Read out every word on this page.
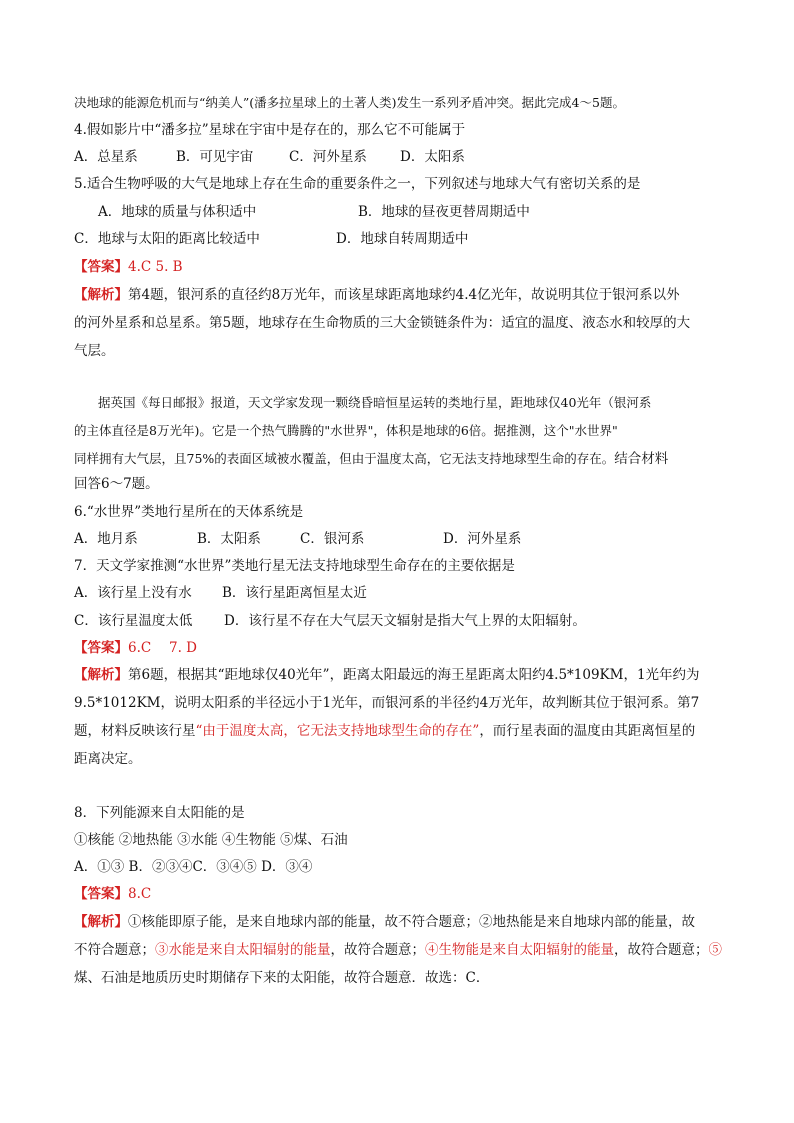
决地球的能源危机而与“纳美人”(潘多拉星球上的土著人类)发生一系列矛盾冲突。据此完成4～5题。
4.假如影片中“潘多拉”星球在宇宙中是存在的，那么它不可能属于
A．总星系	B．可见宇宙	C．河外星系 D．太阳系
5.适合生物呼吸的大气是地球上存在生命的重要条件之一，下列叙述与地球大气有密切关系的是
A．地球的质量与体积适中	B．地球的昼夜更替周期适中
C．地球与太阳的距离比较适中	D．地球自转周期适中
【答案】4.C 5. B
【解析】第4题，银河系的直径约8万光年，而该星球距离地球约4.4亿光年，故说明其位于银河系以外
的河外星系和总星系。第5题，地球存在生命物质的三大金锁链条件为：适宜的温度、液态水和较厚的大
气层。
据英国《每日邮报》报道，天文学家发现一颗绕昏暗恒星运转的类地行星，距地球仅40光年（银河系
的主体直径是8万光年)。它是一个热气腾腾的"水世界"，体积是地球的6倍。据推测，这个"水世界"
同样拥有大气层，且75%的表面区域被水覆盖，但由于温度太高，它无法支持地球型生命的存在。结合材料
回答6～7题。
6.“水世界”类地行星所在的天体系统是
A．地月系	B．太阳系	C．银河系	D．河外星系
7．天文学家推测“水世界”类地行星无法支持地球型生命存在的主要依据是
A．该行星上没有水 B．该行星距离恒星太近
C．该行星温度太低 D．该行星不存在大气层天文辐射是指大气上界的太阳辐射。
【答案】6.C　 7. D
【解析】第6题，根据其“距地球仅40光年”，距离太阳最远的海王星距离太阳约4.5*109KM，1光年约为
9.5*1012KM，说明太阳系的半径远小于1光年，而银河系的半径约4万光年，故判断其位于银河系。第7
题，材料反映该行星“由于温度太高，它无法支持地球型生命的存在”，而行星表面的温度由其距离恒星的
距离决定。
8．下列能源来自太阳能的是
①核能 ②地热能 ③水能 ④生物能 ⑤煤、石油
A．①③ B．②③④C．③④⑤ D．③④
【答案】8.C
【解析】①核能即原子能，是来自地球内部的能量，故不符合题意；②地热能是来自地球内部的能量，故
不符合题意；③水能是来自太阳辐射的能量，故符合题意；④生物能是来自太阳辐射的能量，故符合题意；⑤
煤、石油是地质历史时期储存下来的太阳能，故符合题意．故选：C．
